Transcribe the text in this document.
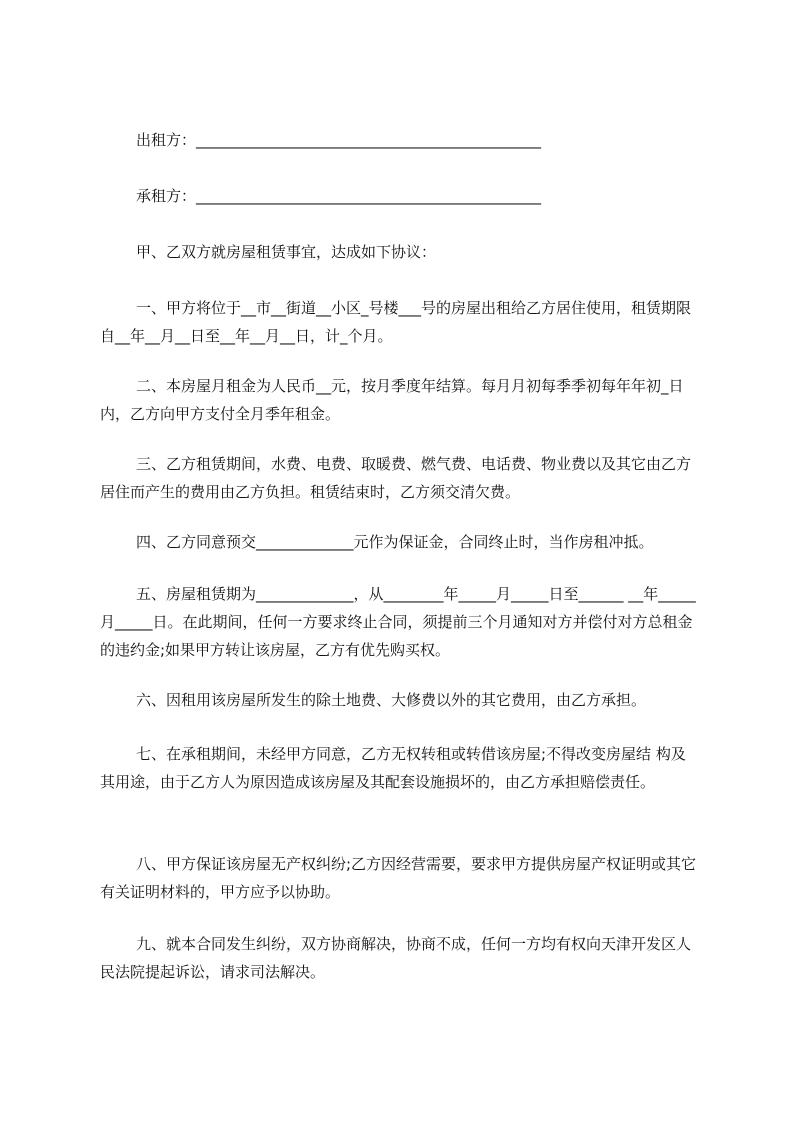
出租方：______________________________________________
承租方：______________________________________________
甲、乙双方就房屋租赁事宜，达成如下协议：
一、甲方将位于__市__街道__小区_号楼___号的房屋出租给乙方居住使用，租赁期限自__年__月__日至__年__月__日，计_个月。
二、本房屋月租金为人民币__元，按月季度年结算。每月月初每季季初每年年初_日内，乙方向甲方支付全月季年租金。
三、乙方租赁期间，水费、电费、取暖费、燃气费、电话费、物业费以及其它由乙方居住而产生的费用由乙方负担。租赁结束时，乙方须交清欠费。
四、乙方同意预交_____________元作为保证金，合同终止时，当作房租冲抵。
五、房屋租赁期为_____________，从________年_____月_____日至______ __年_____月_____日。在此期间，任何一方要求终止合同，须提前三个月通知对方并偿付对方总租金的违约金;如果甲方转让该房屋，乙方有优先购买权。
六、因租用该房屋所发生的除土地费、大修费以外的其它费用，由乙方承担。
七、在承租期间，未经甲方同意，乙方无权转租或转借该房屋;不得改变房屋结 构及其用途，由于乙方人为原因造成该房屋及其配套设施损坏的，由乙方承担赔偿责任。
八、甲方保证该房屋无产权纠纷;乙方因经营需要，要求甲方提供房屋产权证明或其它有关证明材料的，甲方应予以协助。
九、就本合同发生纠纷，双方协商解决，协商不成，任何一方均有权向天津开发区人民法院提起诉讼，请求司法解决。
